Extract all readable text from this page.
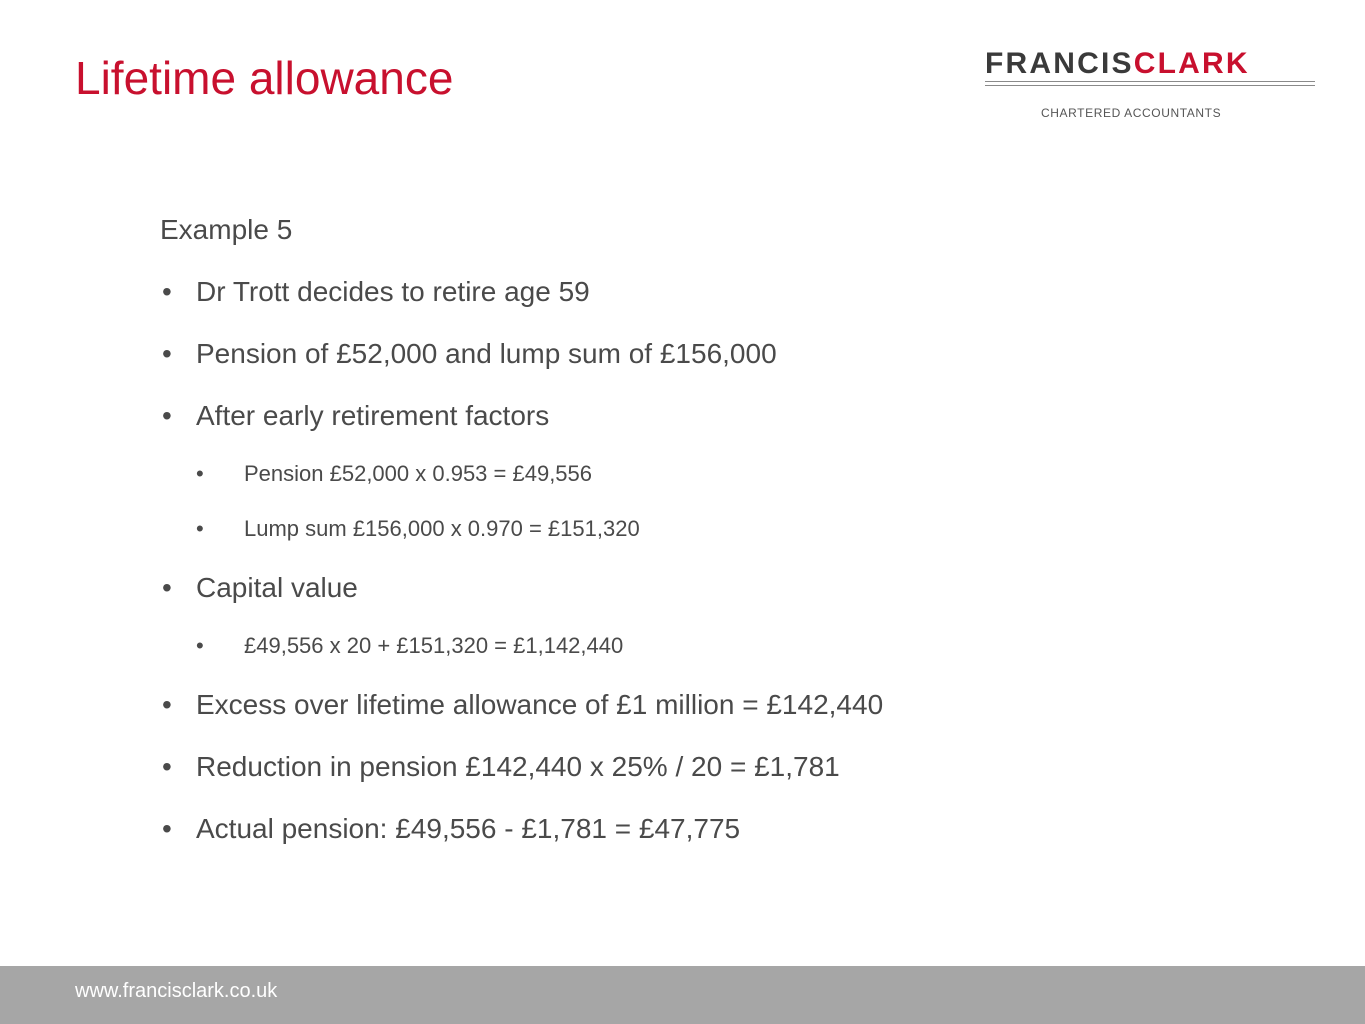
Lifetime allowance	FRANCISCLARK
CHARTERED ACCOUNTANTS
Example 5
• Dr Trott decides to retire age 59
• Pension of £52,000 and lump sum of £156,000
• After early retirement factors
• Pension £52,000 x 0.953 = £49,556
• Lump sum £156,000 x 0.970 = £151,320
• Capital value
• £49,556 x 20 + £151,320 = £1,142,440
• Excess over lifetime allowance of £1 million = £142,440
• Reduction in pension £142,440 x 25% / 20 = £1,781
• Actual pension: £49,556 - £1,781 = £47,775
www.francisclark.co.uk
